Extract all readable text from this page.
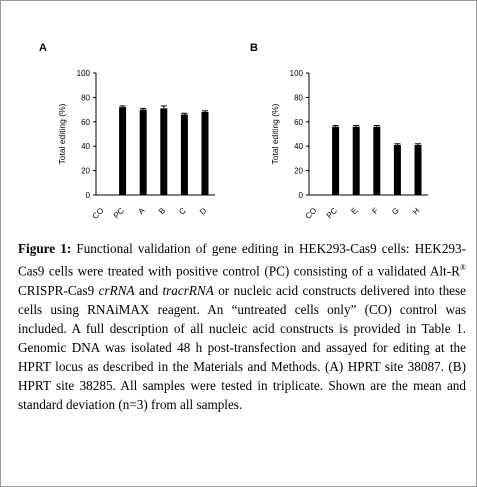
A
0
20
40
60
80
100
Total editing (%)
CO PC A B C D
B
0
20
40
60
80
100
Total editing (%)
CO PC E F G H
Figure 1: Functional validation of gene editing in HEK293-Cas9 cells: HEK293-Cas9 cells were treated with positive control (PC) consisting of a validated Alt-R® CRISPR-Cas9 crRNA and tracrRNA or nucleic acid constructs delivered into these cells using RNAiMAX reagent. An “untreated cells only” (CO) control was included. A full description of all nucleic acid constructs is provided in Table 1. Genomic DNA was isolated 48 h post-transfection and assayed for editing at the HPRT locus as described in the Materials and Methods. (A) HPRT site 38087. (B) HPRT site 38285. All samples were tested in triplicate. Shown are the mean and standard deviation (n=3) from all samples.
